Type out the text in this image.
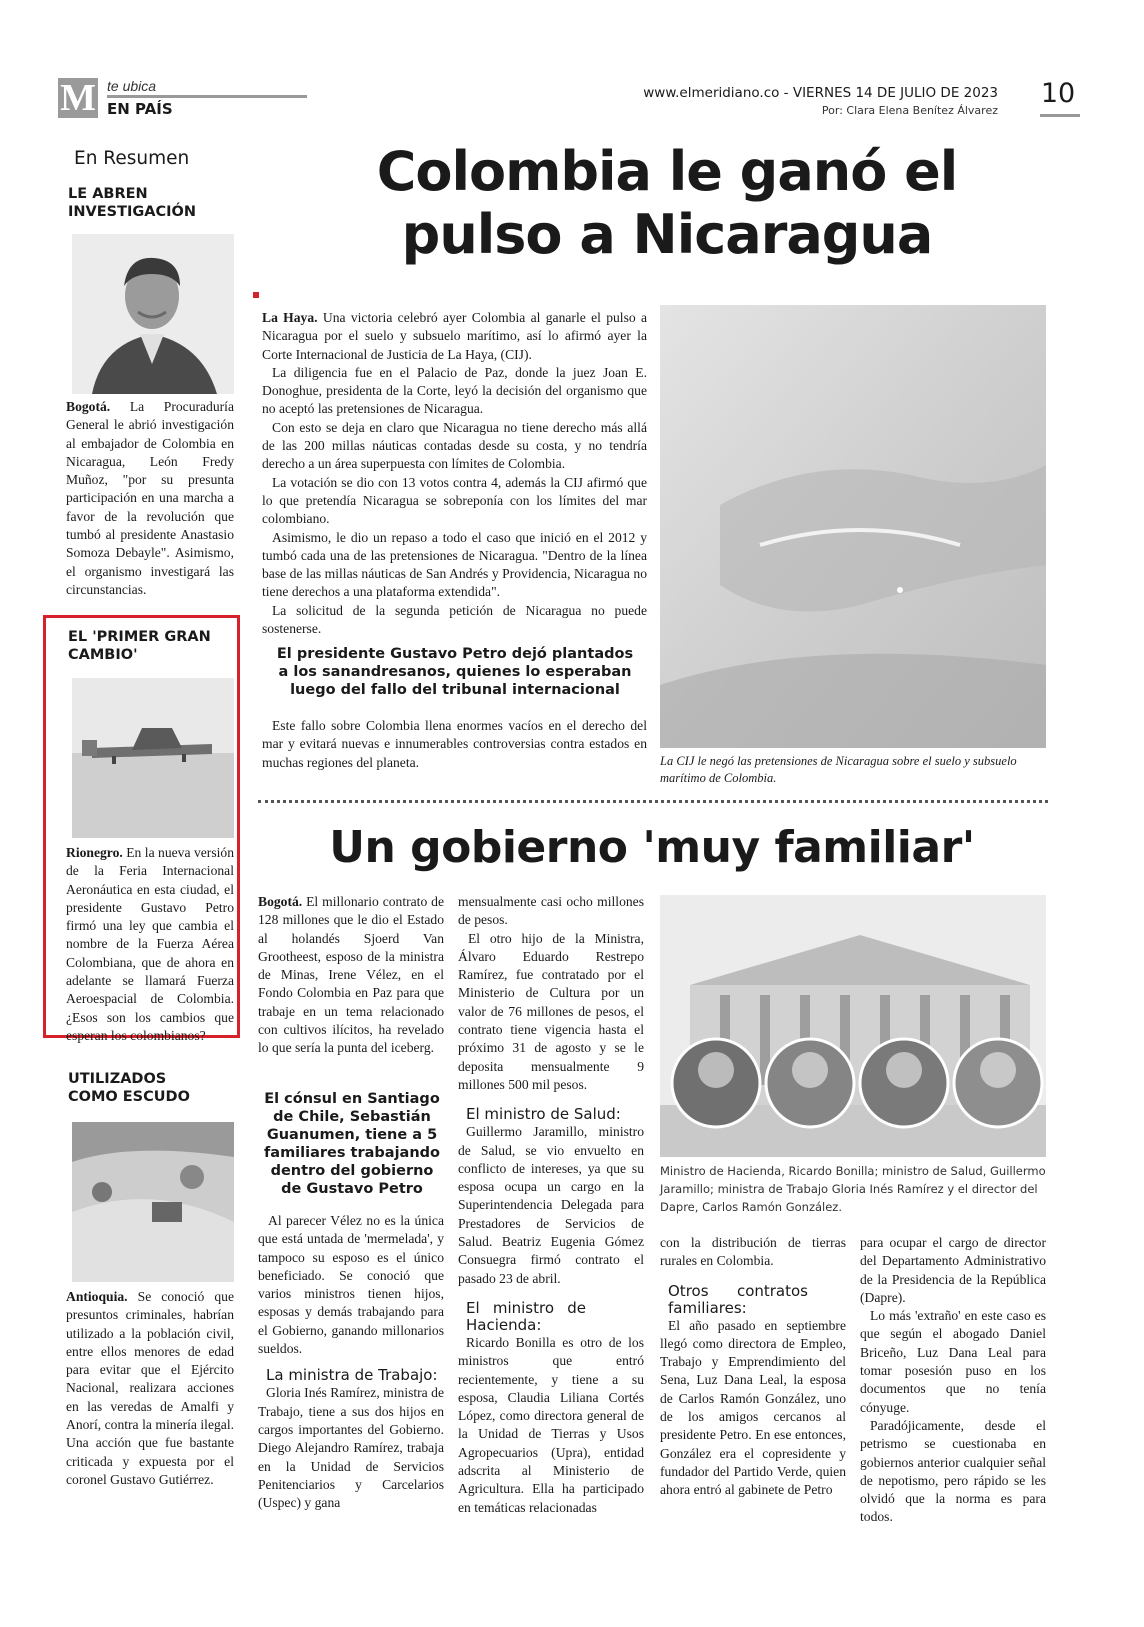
M te ubica
EN PAÍS
www.elmeridiano.co - VIERNES 14 DE JULIO DE 2023
Por: Clara Elena Benítez Álvarez
10
En Resumen
LE ABREN
INVESTIGACIÓN
Bogotá. La Procuraduría General le abrió investigación al embajador de Colombia en Nicaragua, León Fredy Muñoz, "por su presunta participación en una marcha a favor de la revolución que tumbó al presidente Anastasio Somoza Debayle". Asimismo, el organismo investigará las circunstancias.
EL 'PRIMER GRAN
CAMBIO'
Rionegro. En la nueva versión de la Feria Internacional Aeronáutica en esta ciudad, el presidente Gustavo Petro firmó una ley que cambia el nombre de la Fuerza Aérea Colombiana, que de ahora en adelante se llamará Fuerza Aeroespacial de Colombia. ¿Esos son los cambios que esperan los colombianos?
UTILIZADOS
COMO ESCUDO
Antioquia. Se conoció que presuntos criminales, habrían utilizado a la población civil, entre ellos menores de edad para evitar que el Ejército Nacional, realizara acciones en las veredas de Amalfi y Anorí, contra la minería ilegal. Una acción que fue bastante criticada y expuesta por el coronel Gustavo Gutiérrez.
Colombia le ganó el
pulso a Nicaragua

La Haya. Una victoria celebró ayer Colombia al ganarle el pulso a Nicaragua por el suelo y subsuelo marítimo, así lo afirmó ayer la Corte Internacional de Justicia de La Haya, (CIJ).

La diligencia fue en el Palacio de Paz, donde la juez Joan E. Donoghue, presidenta de la Corte, leyó la decisión del organismo que no aceptó las pretensiones de Nicaragua.

Con esto se deja en claro que Nicaragua no tiene derecho más allá de las 200 millas náuticas contadas desde su costa, y no tendría derecho a un área superpuesta con límites de Colombia.

La votación se dio con 13 votos contra 4, además la CIJ afirmó que lo que pretendía Nicaragua se sobreponía con los límites del mar colombiano.

Asimismo, le dio un repaso a todo el caso que inició en el 2012 y tumbó cada una de las pretensiones de Nicaragua. "Dentro de la línea base de las millas náuticas de San Andrés y Providencia, Nicaragua no tiene derechos a una plataforma extendida".

La solicitud de la segunda petición de Nicaragua no puede sostenerse.

El presidente Gustavo Petro dejó plantados a los sanandresanos, quienes lo esperaban luego del fallo del tribunal internacional

Este fallo sobre Colombia llena enormes vacíos en el derecho del mar y evitará nuevas e innumerables controversias contra estados en muchas regiones del planeta.	La CIJ le negó las pretensiones de Nicaragua sobre el suelo y subsuelo marítimo de Colombia.
Un gobierno 'muy familiar'

Bogotá. El millonario contrato de 128 millones que le dio el Estado al holandés Sjoerd Van Grootheest, esposo de la ministra de Minas, Irene Vélez, en el Fondo Colombia en Paz para que trabaje en un tema relacionado con cultivos ilícitos, ha revelado lo que sería la punta del iceberg.

El cónsul en Santiago de Chile, Sebastián Guanumen, tiene a 5 familiares trabajando dentro del gobierno de Gustavo Petro

Al parecer Vélez no es la única que está untada de 'mermelada', y tampoco su esposo es el único beneficiado. Se conoció que varios ministros tienen hijos, esposas y demás trabajando para el Gobierno, ganando millonarios sueldos.

La ministra de Trabajo:

Gloria Inés Ramírez, ministra de Trabajo, tiene a sus dos hijos en cargos importantes del Gobierno. Diego Alejandro Ramírez, trabaja en la Unidad de Servicios Penitenciarios y Carcelarios (Uspec) y gana

mensualmente casi ocho millones de pesos.

El otro hijo de la Ministra, Álvaro Eduardo Restrepo Ramírez, fue contratado por el Ministerio de Cultura por un valor de 76 millones de pesos, el contrato tiene vigencia hasta el próximo 31 de agosto y se le deposita mensualmente 9 millones 500 mil pesos.

El ministro de Salud:

Guillermo Jaramillo, ministro de Salud, se vio envuelto en conflicto de intereses, ya que su esposa ocupa un cargo en la Superintendencia Delegada para Prestadores de Servicios de Salud. Beatriz Eugenia Gómez Consuegra firmó contrato el pasado 23 de abril.

El ministro de Hacienda:

Ricardo Bonilla es otro de los ministros que entró recientemente, y tiene a su esposa, Claudia Liliana Cortés López, como directora general de la Unidad de Tierras y Usos Agropecuarios (Upra), entidad adscrita al Ministerio de Agricultura. Ella ha participado en temáticas relacionadas

Ministro de Hacienda, Ricardo Bonilla; ministro de Salud, Guillermo Jaramillo; ministra de Trabajo Gloria Inés Ramírez y el director del Dapre, Carlos Ramón González.

con la distribución de tierras rurales en Colombia.

Otros contratos familiares:

El año pasado en septiembre llegó como directora de Empleo, Trabajo y Emprendimiento del Sena, Luz Dana Leal, la esposa de Carlos Ramón González, uno de los amigos cercanos al presidente Petro. En ese entonces, González era el copresidente y fundador del Partido Verde, quien ahora entró al gabinete de Petro

para ocupar el cargo de director del Departamento Administrativo de la Presidencia de la República (Dapre).

Lo más 'extraño' en este caso es que según el abogado Daniel Briceño, Luz Dana Leal para tomar posesión puso en los documentos que no tenía cónyuge.

Paradójicamente, desde el petrismo se cuestionaba en gobiernos anterior cualquier señal de nepotismo, pero rápido se les olvidó que la norma es para todos.
